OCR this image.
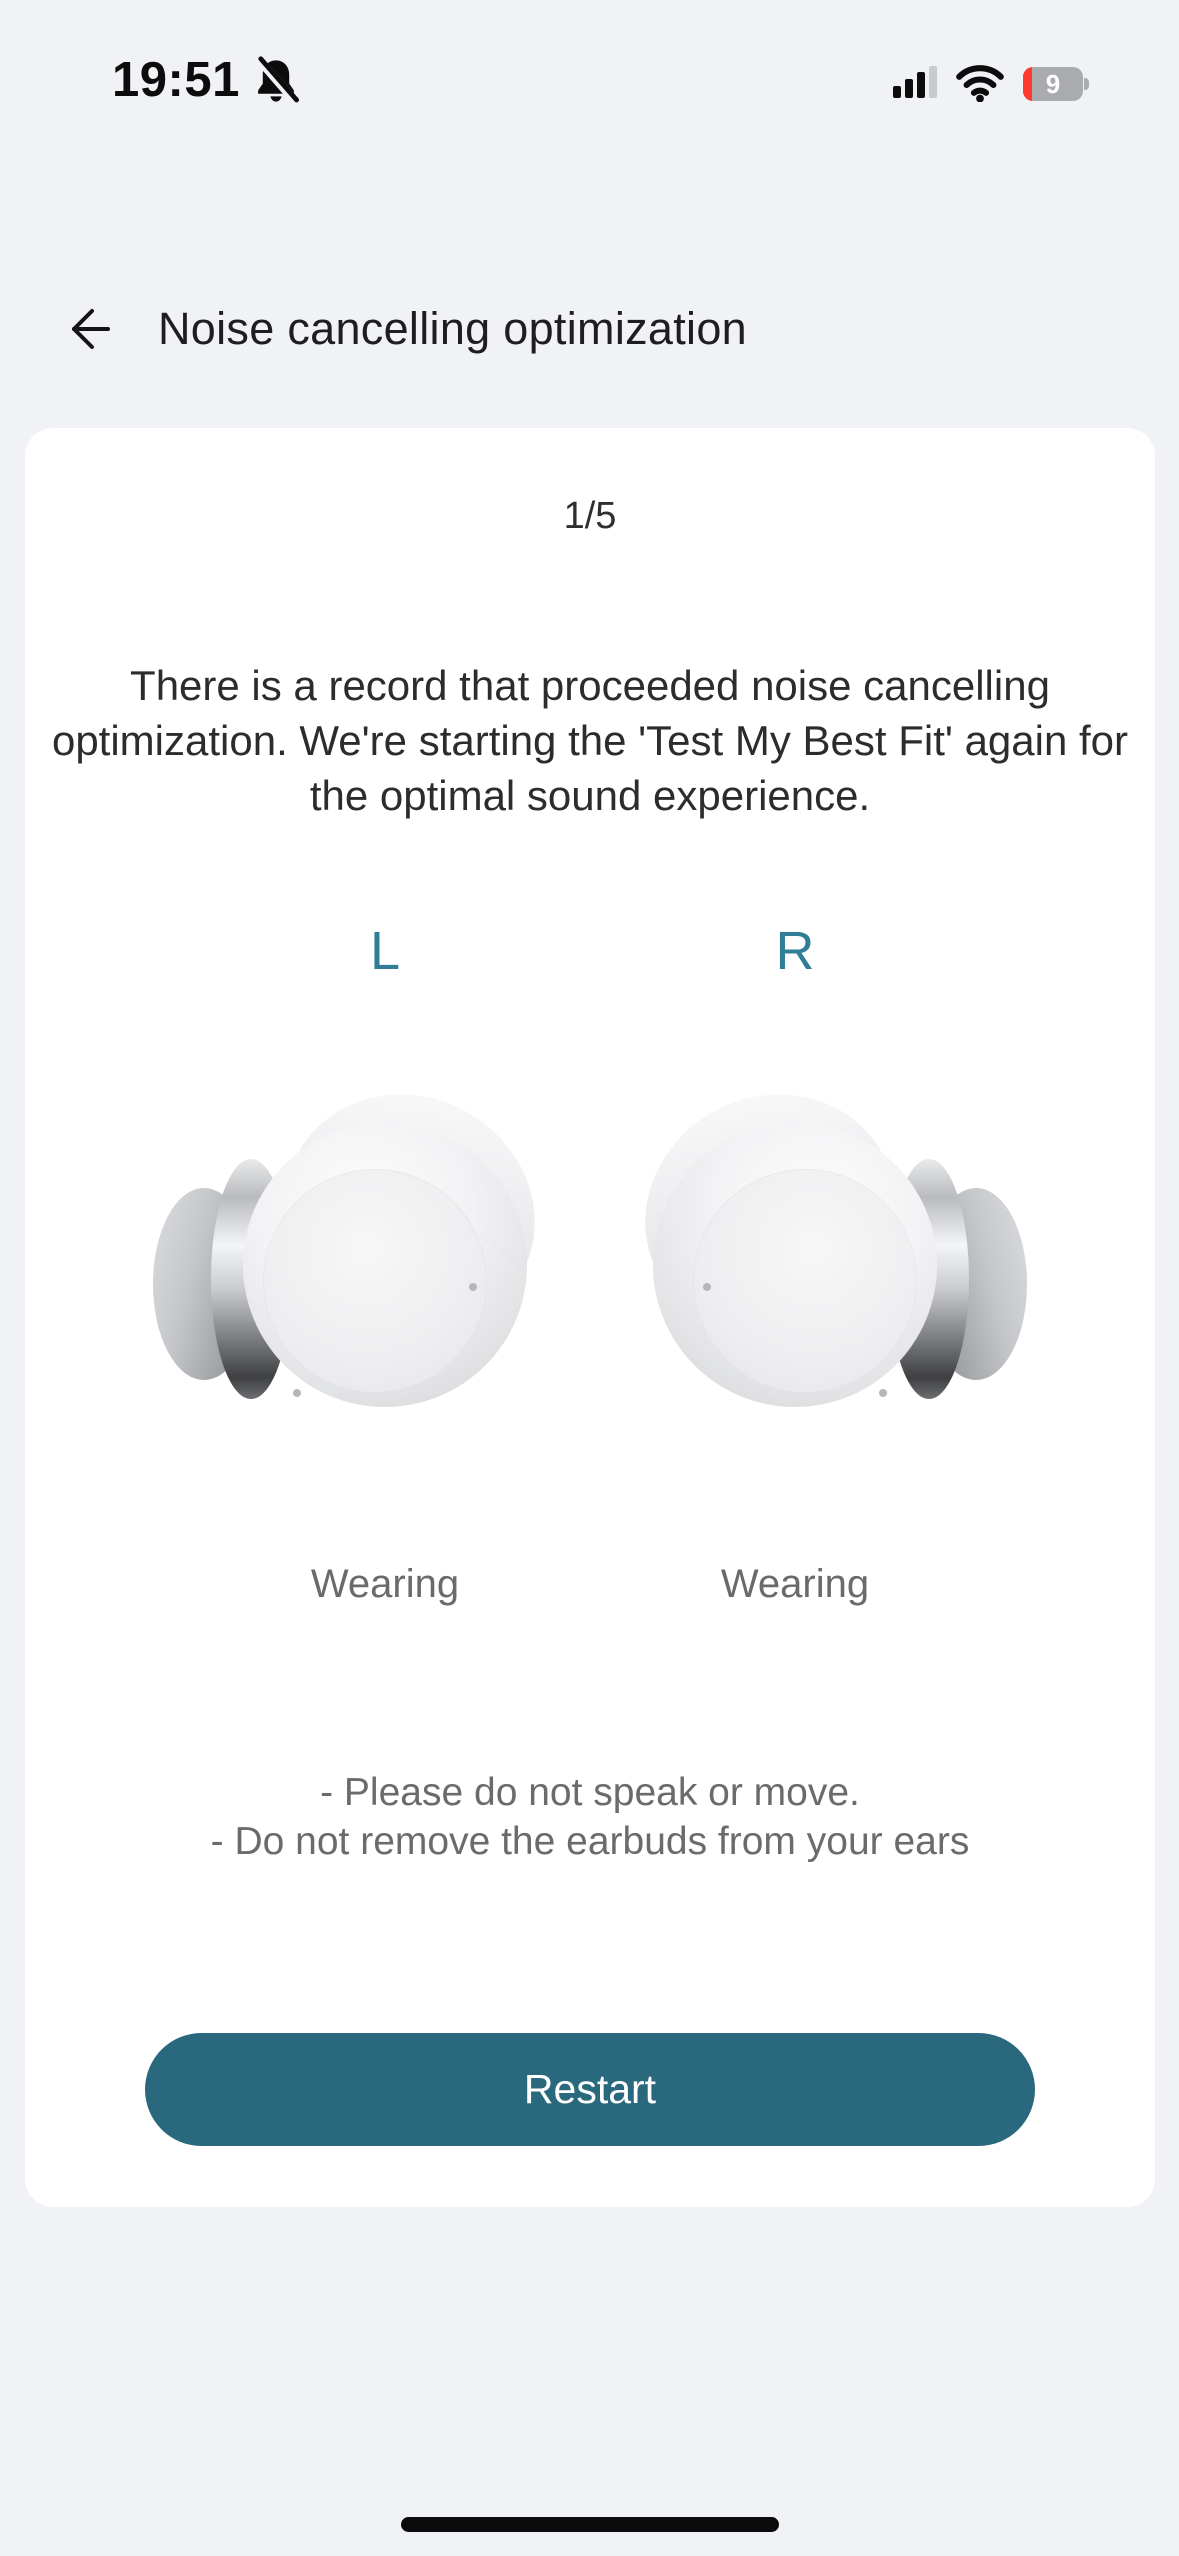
19:51	9
Noise cancelling optimization
1/5

There is a record that proceeded noise cancelling optimization. We're starting the 'Test My Best Fit' again for the optimal sound experience.

L	R
Wearing	Wearing
- Please do not speak or move.
- Do not remove the earbuds from your ears
Restart
